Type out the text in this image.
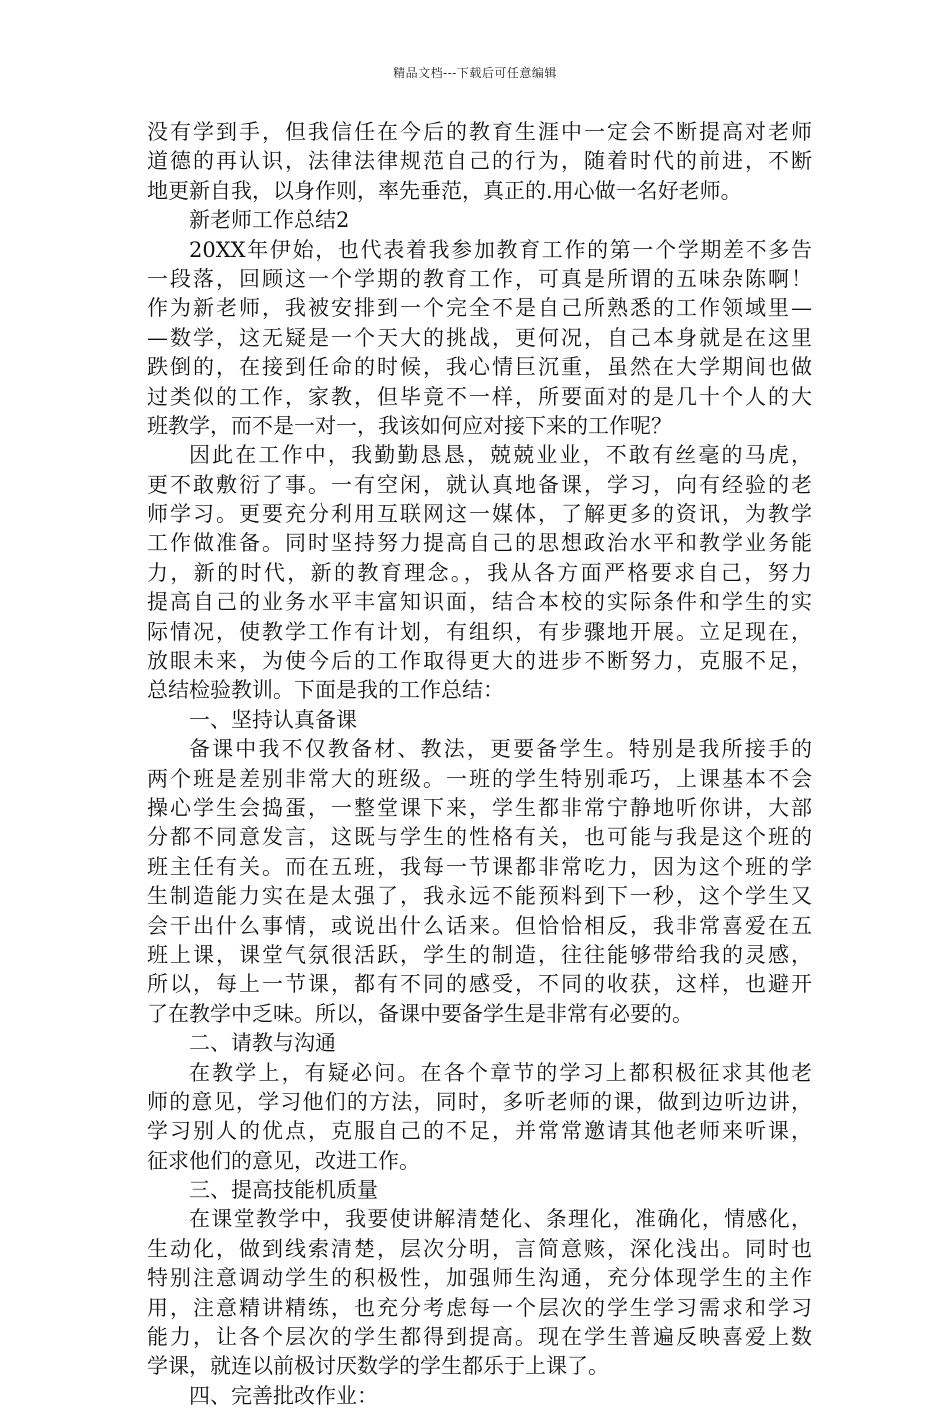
精品文档---下载后可任意编辑
没有学到手，但我信任在今后的教育生涯中一定会不断提高对老师
道德的再认识，法律法律规范自己的行为，随着时代的前进，不断
地更新自我，以身作则，率先垂范，真正的.用心做一名好老师。
新老师工作总结2
20XX年伊始，也代表着我参加教育工作的第一个学期差不多告
一段落，回顾这一个学期的教育工作，可真是所谓的五味杂陈啊！
作为新老师，我被安排到一个完全不是自己所熟悉的工作领域里—
—数学，这无疑是一个天大的挑战，更何况，自己本身就是在这里
跌倒的，在接到任命的时候，我心情巨沉重，虽然在大学期间也做
过类似的工作，家教，但毕竟不一样，所要面对的是几十个人的大
班教学，而不是一对一，我该如何应对接下来的工作呢？
因此在工作中，我勤勤恳恳，兢兢业业，不敢有丝毫的马虎，
更不敢敷衍了事。一有空闲，就认真地备课，学习，向有经验的老
师学习。更要充分利用互联网这一媒体，了解更多的资讯，为教学
工作做准备。同时坚持努力提高自己的思想政治水平和教学业务能
力，新的时代，新的教育理念。，我从各方面严格要求自己，努力
提高自己的业务水平丰富知识面，结合本校的实际条件和学生的实
际情况，使教学工作有计划，有组织，有步骤地开展。立足现在，
放眼未来，为使今后的工作取得更大的进步不断努力，克服不足，
总结检验教训。下面是我的工作总结：
一、坚持认真备课
备课中我不仅教备材、教法，更要备学生。特别是我所接手的
两个班是差别非常大的班级。一班的学生特别乖巧，上课基本不会
操心学生会捣蛋，一整堂课下来，学生都非常宁静地听你讲，大部
分都不同意发言，这既与学生的性格有关，也可能与我是这个班的
班主任有关。而在五班，我每一节课都非常吃力，因为这个班的学
生制造能力实在是太强了，我永远不能预料到下一秒，这个学生又
会干出什么事情，或说出什么话来。但恰恰相反，我非常喜爱在五
班上课，课堂气氛很活跃，学生的制造，往往能够带给我的灵感，
所以，每上一节课，都有不同的感受，不同的收获，这样，也避开
了在教学中乏味。所以，备课中要备学生是非常有必要的。
二、请教与沟通
在教学上，有疑必问。在各个章节的学习上都积极征求其他老
师的意见，学习他们的方法，同时，多听老师的课，做到边听边讲，
学习别人的优点，克服自己的不足，并常常邀请其他老师来听课，
征求他们的意见，改进工作。
三、提高技能机质量
在课堂教学中，我要使讲解清楚化、条理化，准确化，情感化，
生动化，做到线索清楚，层次分明，言简意赅，深化浅出。同时也
特别注意调动学生的积极性，加强师生沟通，充分体现学生的主作
用，注意精讲精练，也充分考虑每一个层次的学生学习需求和学习
能力，让各个层次的学生都得到提高。现在学生普遍反映喜爱上数
学课，就连以前极讨厌数学的学生都乐于上课了。
四、完善批改作业：
